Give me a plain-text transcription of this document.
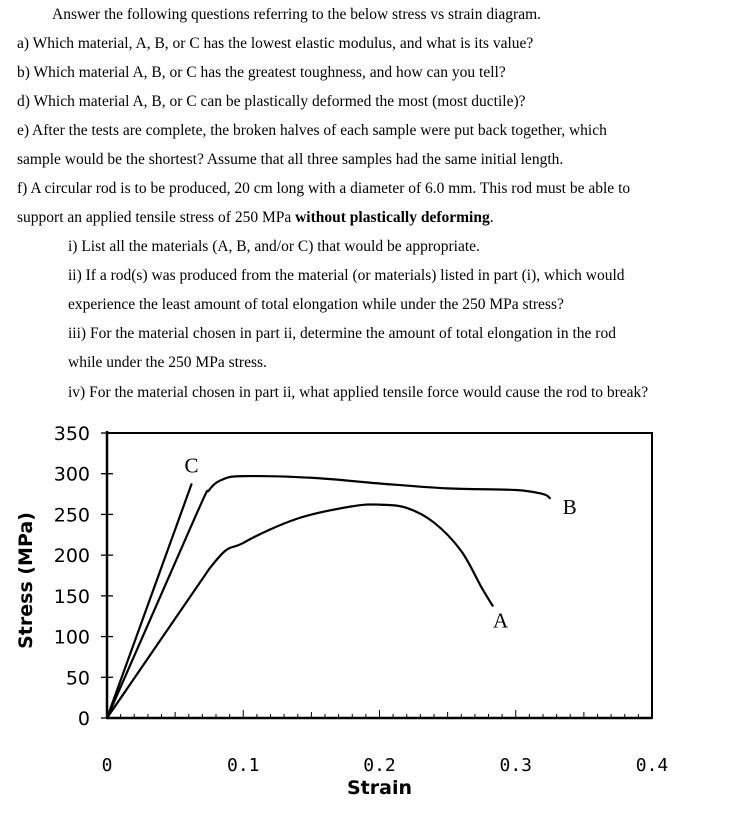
Answer the following questions referring to the below stress vs strain diagram.
a) Which material, A, B, or C has the lowest elastic modulus, and what is its value?
b) Which material A, B, or C has the greatest toughness, and how can you tell?
d) Which material A, B, or C can be plastically deformed the most (most ductile)?
e) After the tests are complete, the broken halves of each sample were put back together, which
sample would be the shortest? Assume that all three samples had the same initial length.
f) A circular rod is to be produced, 20 cm long with a diameter of 6.0 mm. This rod must be able to
support an applied tensile stress of 250 MPa without plastically deforming.
i) List all the materials (A, B, and/or C) that would be appropriate.
ii) If a rod(s) was produced from the material (or materials) listed in part (i), which would
experience the least amount of total elongation while under the 250 MPa stress?
iii) For the material chosen in part ii, determine the amount of total elongation in the rod
while under the 250 MPa stress.
iv) For the material chosen in part ii, what applied tensile force would cause the rod to break?
0
50
100
150
200
250
300
350
0	0.1	0.2	0.3	0.4
A
B
C
Strain
Stress (MPa)
